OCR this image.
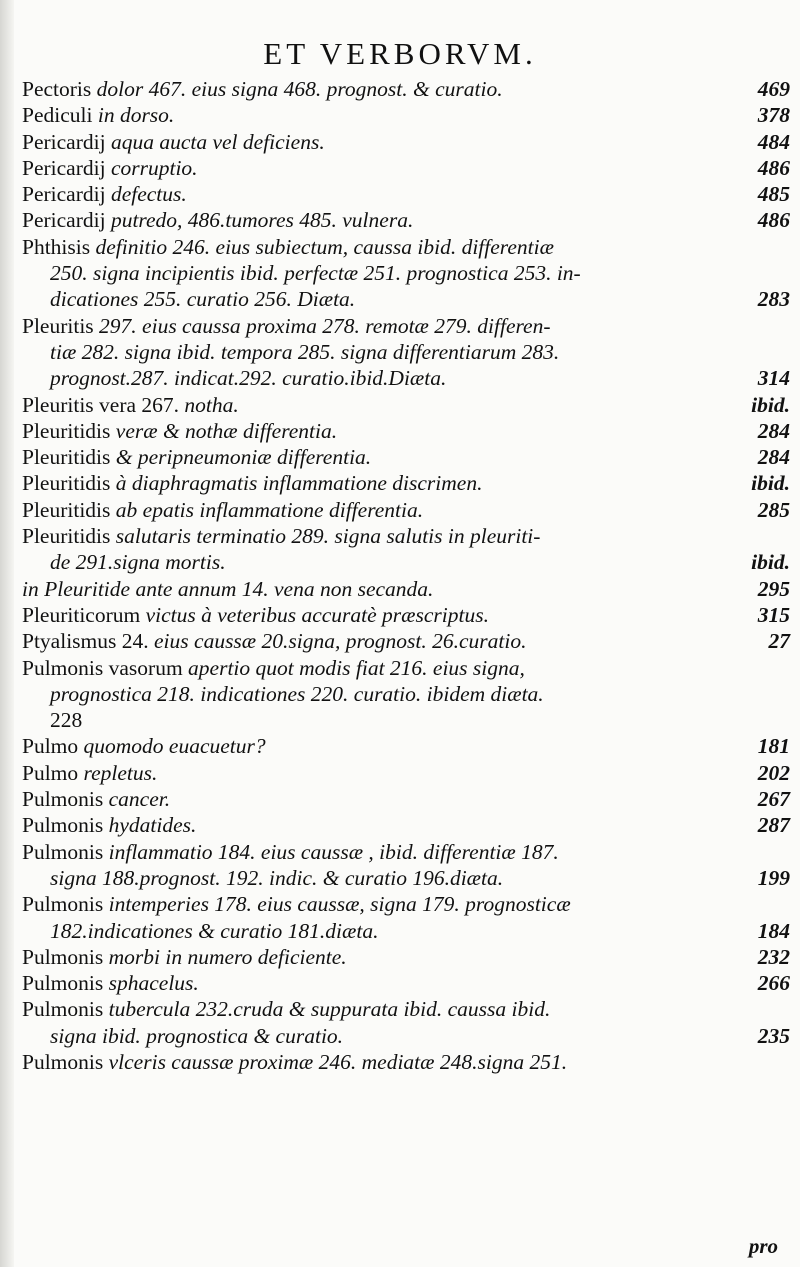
ET VERBORVM.
Pectoris dolor 467. eius signa 468. prognost. & curatio.	469
Pediculi in dorso.	378
Pericardij aqua aucta vel deficiens.	484
Pericardij corruptio.	486
Pericardij defectus.	485
Pericardij putredo, 486.tumores 485. vulnera.	486
Phthisis definitio 246. eius subiectum, caussa ibid. differentiæ
250. signa incipientis ibid. perfectæ 251. prognostica 253. in-
dicationes 255. curatio 256. Diæta.	283
Pleuritis 297. eius caussa proxima 278. remotæ 279. differen-
tiæ 282. signa ibid. tempora 285. signa differentiarum 283.
prognost.287. indicat.292. curatio.ibid.Diæta.	314
Pleuritis vera 267. notha.	ibid.
Pleuritidis veræ & nothæ differentia.	284
Pleuritidis & peripneumoniæ differentia.	284
Pleuritidis à diaphragmatis inflammatione discrimen.	ibid.
Pleuritidis ab epatis inflammatione differentia.	285
Pleuritidis salutaris terminatio 289. signa salutis in pleuriti-
de 291.signa mortis.	ibid.
in Pleuritide ante annum 14. vena non secanda.	295
Pleuriticorum victus à veteribus accuratè præscriptus.	315
Ptyalismus 24. eius caussæ 20.signa, prognost. 26.curatio.	27
Pulmonis vasorum apertio quot modis fiat 216. eius signa,
prognostica 218. indicationes 220. curatio. ibidem diæta.
228
Pulmo quomodo euacuetur?	181
Pulmo repletus.	202
Pulmonis cancer.	267
Pulmonis hydatides.	287
Pulmonis inflammatio 184. eius caussæ , ibid. differentiæ 187.
signa 188.prognost. 192. indic. & curatio 196.diæta.	199
Pulmonis intemperies 178. eius caussæ, signa 179. prognosticæ
182.indicationes & curatio 181.diæta.	184
Pulmonis morbi in numero deficiente.	232
Pulmonis sphacelus.	266
Pulmonis tubercula 232.cruda & suppurata ibid. caussa ibid.
signa ibid. prognostica & curatio.	235
Pulmonis vlceris caussæ proximæ 246. mediatæ 248.signa 251.
pro
